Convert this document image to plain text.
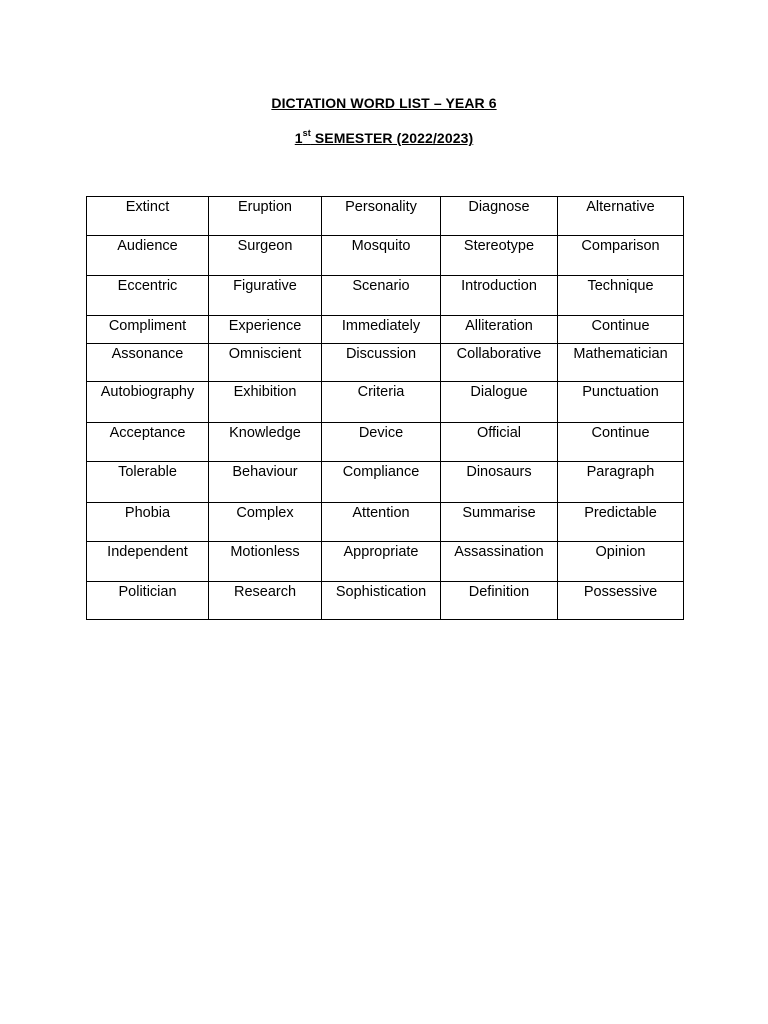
DICTATION WORD LIST – YEAR 6
1st SEMESTER (2022/2023)
Extinct	Eruption	Personality	Diagnose	Alternative
Audience	Surgeon	Mosquito	Stereotype	Comparison
Eccentric	Figurative	Scenario	Introduction	Technique
Compliment	Experience	Immediately	Alliteration	Continue
Assonance	Omniscient	Discussion	Collaborative	Mathematician
Autobiography	Exhibition	Criteria	Dialogue	Punctuation
Acceptance	Knowledge	Device	Official	Continue
Tolerable	Behaviour	Compliance	Dinosaurs	Paragraph
Phobia	Complex	Attention	Summarise	Predictable
Independent	Motionless	Appropriate	Assassination	Opinion
Politician	Research	Sophistication	Definition	Possessive
